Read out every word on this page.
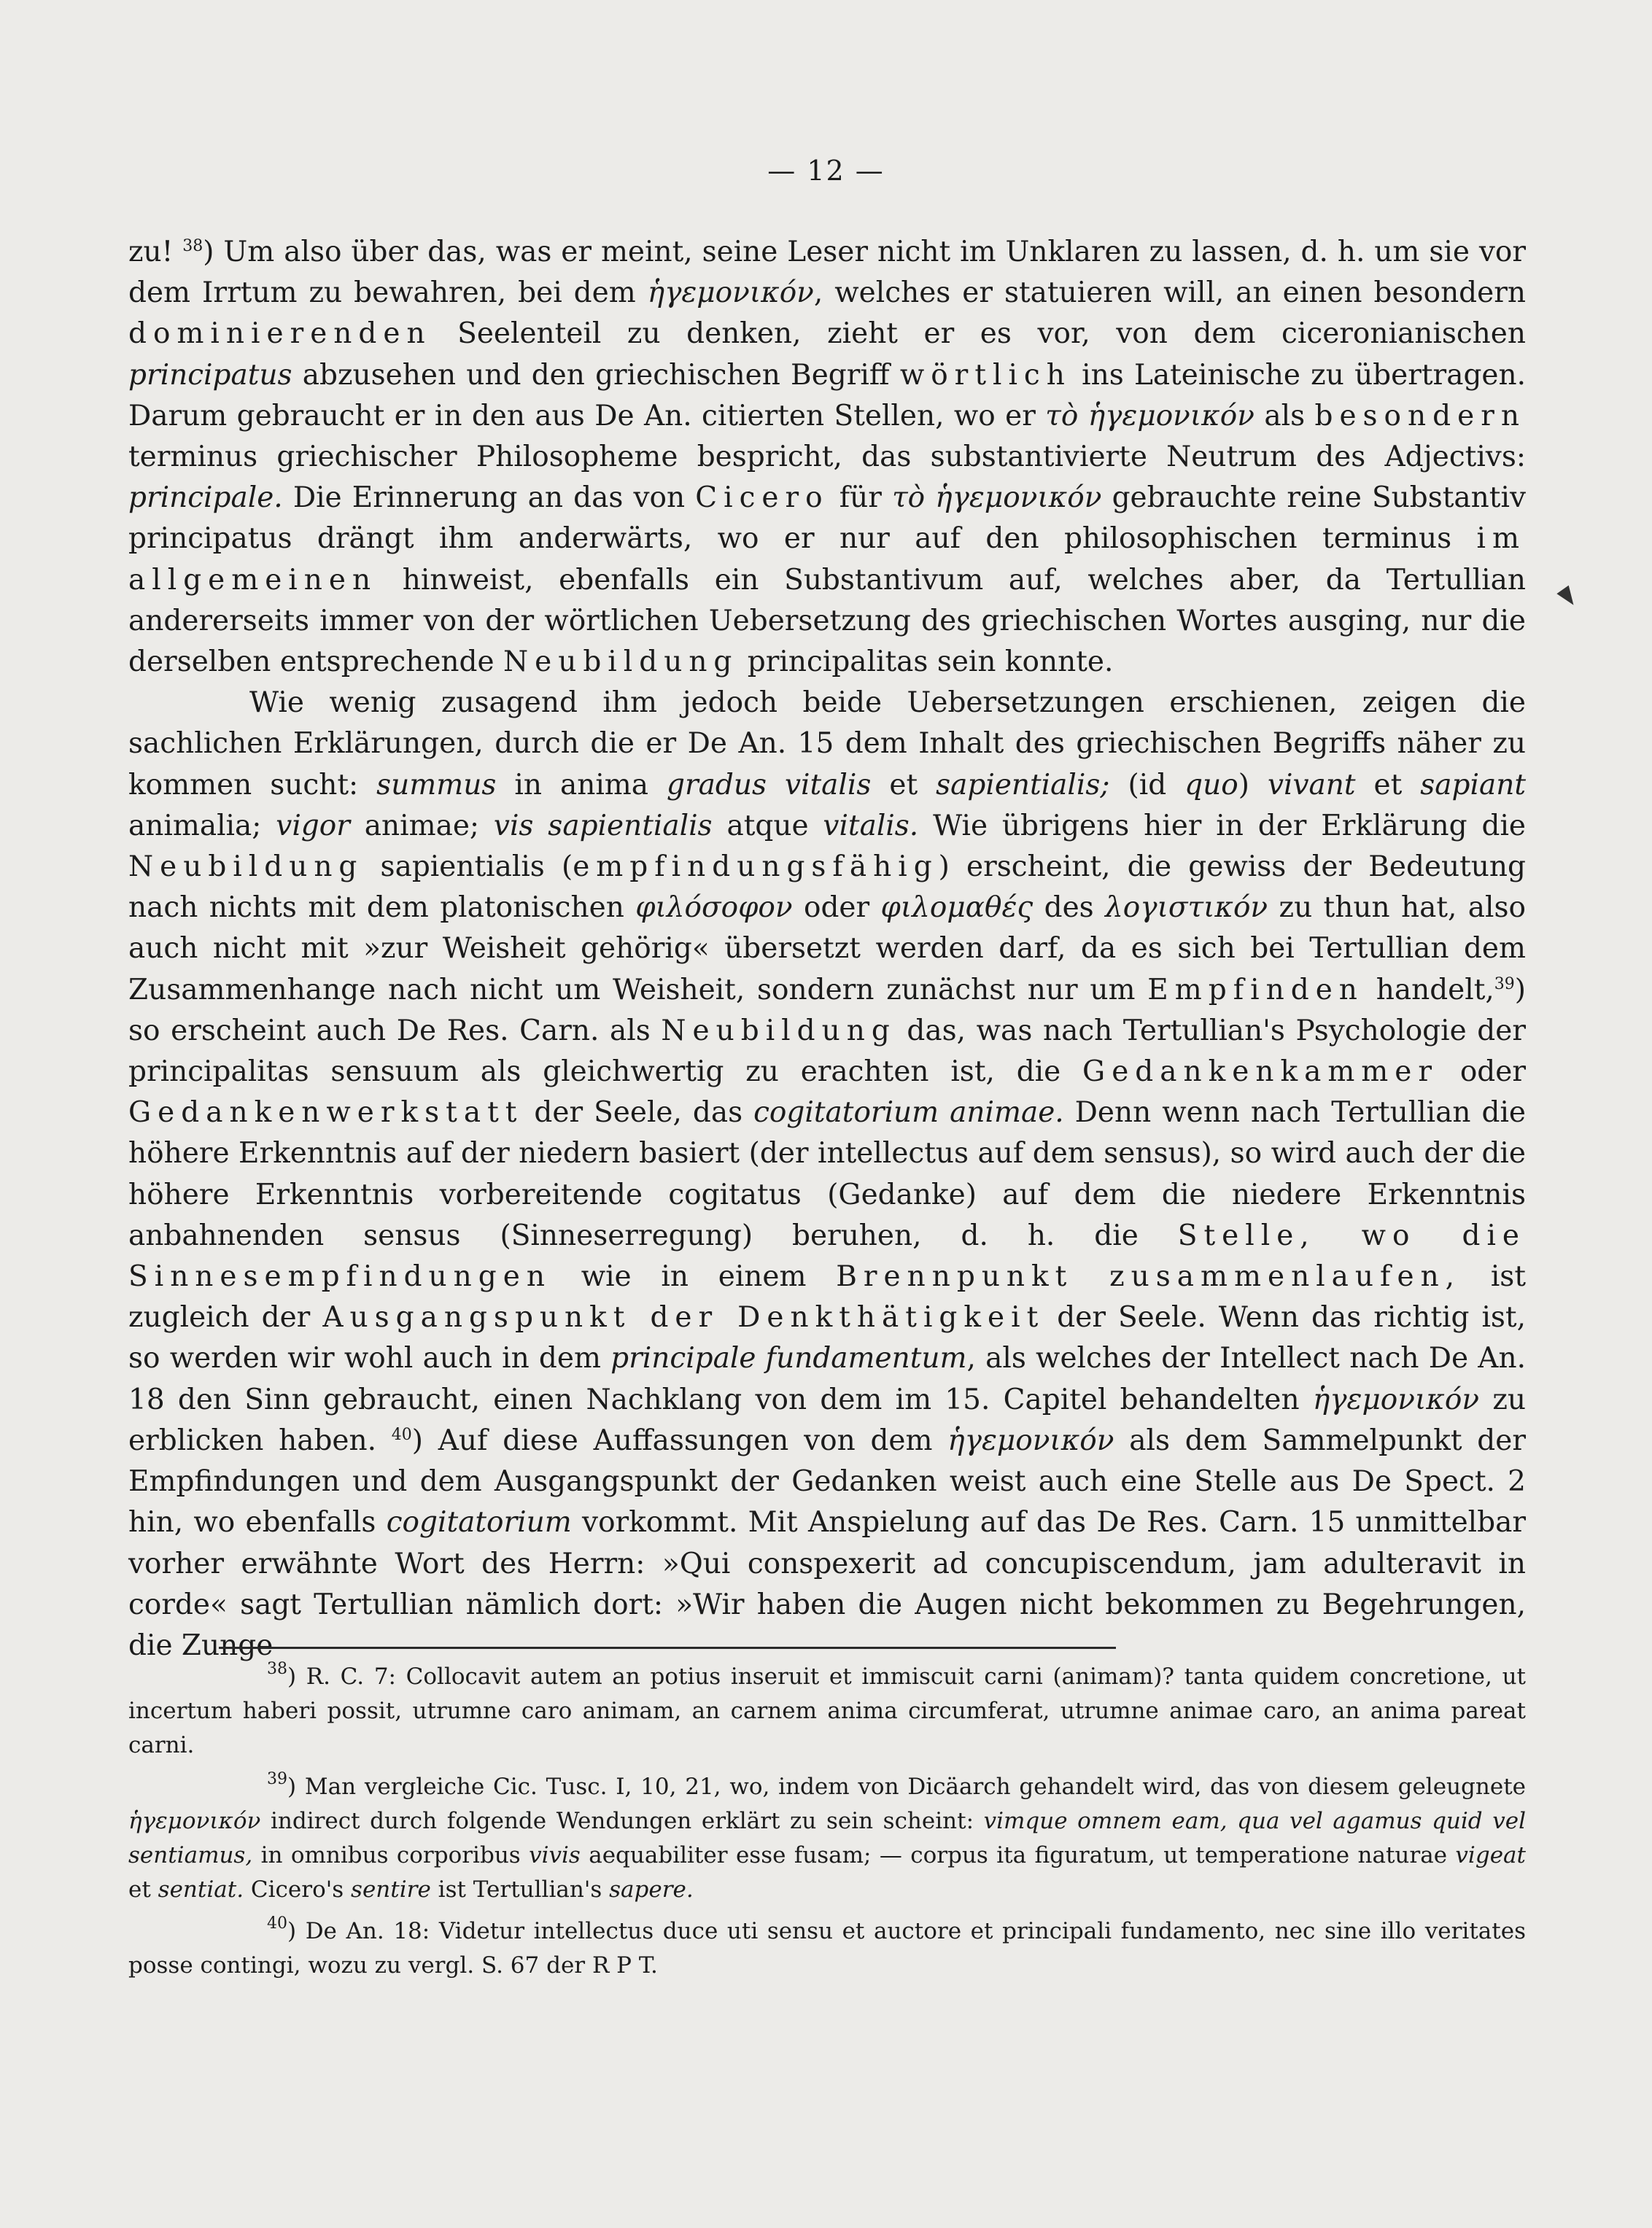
— 12 —

zu! $^{38}$) Um also über das, was er meint, seine Leser nicht im Unklaren zu lassen, d. h. um sie vor dem Irrtum zu bewahren, bei dem ἡγεμονικόν, welches er statuieren will, an einen besondern dominierenden Seelenteil zu denken, zieht er es vor, von dem ciceronianischen principatus abzusehen und den griechischen Begriff wörtlich ins Lateinische zu übertragen. Darum gebraucht er in den aus De An. citierten Stellen, wo er τὸ ἡγεμονικόν als besondern terminus griechischer Philosopheme bespricht, das substantivierte Neutrum des Adjectivs: principale. Die Erinnerung an das von Cicero für τὸ ἡγεμονικόν gebrauchte reine Substantiv principatus drängt ihm anderwärts, wo er nur auf den philosophischen terminus im allgemeinen hinweist, ebenfalls ein Substantivum auf, welches aber, da Tertullian andererseits immer von der wörtlichen Uebersetzung des griechischen Wortes ausging, nur die derselben entsprechende Neubildung principalitas sein konnte.

Wie wenig zusagend ihm jedoch beide Uebersetzungen erschienen, zeigen die sachlichen Erklärungen, durch die er De An. 15 dem Inhalt des griechischen Begriffs näher zu kommen sucht: summus in anima gradus vitalis et sapientialis; (id quo) vivant et sapiant animalia; vigor animae; vis sapientialis atque vitalis. Wie übrigens hier in der Erklärung die Neubildung sapientialis (empfindungsfähig) erscheint, die gewiss der Bedeutung nach nichts mit dem platonischen φιλόσοφον oder φιλομαθές des λογιστικόν zu thun hat, also auch nicht mit »zur Weisheit gehörig« übersetzt werden darf, da es sich bei Tertullian dem Zusammenhange nach nicht um Weisheit, sondern zunächst nur um Empfinden handelt,$^{39}$) so erscheint auch De Res. Carn. als Neubildung das, was nach Tertullian's Psychologie der principalitas sensuum als gleichwertig zu erachten ist, die Gedankenkammer oder Gedankenwerkstatt der Seele, das cogitatorium animae. Denn wenn nach Tertullian die höhere Erkenntnis auf der niedern basiert (der intellectus auf dem sensus), so wird auch der die höhere Erkenntnis vorbereitende cogitatus (Gedanke) auf dem die niedere Erkenntnis anbahnenden sensus (Sinneserregung) beruhen, d. h. die Stelle, wo die Sinnesempfindungen wie in einem Brennpunkt zusammenlaufen, ist zugleich der Ausgangspunkt der Denkthätigkeit der Seele. Wenn das richtig ist, so werden wir wohl auch in dem principale fundamentum, als welches der Intellect nach De An. 18 den Sinn gebraucht, einen Nachklang von dem im 15. Capitel behandelten ἡγεμονικόν zu erblicken haben. $^{40}$) Auf diese Auffassungen von dem ἡγεμονικόν als dem Sammelpunkt der Empfindungen und dem Ausgangspunkt der Gedanken weist auch eine Stelle aus De Spect. 2 hin, wo ebenfalls cogitatorium vorkommt. Mit Anspielung auf das De Res. Carn. 15 unmittelbar vorher erwähnte Wort des Herrn: »Qui conspexerit ad concupiscendum, jam adulteravit in corde« sagt Tertullian nämlich dort: »Wir haben die Augen nicht bekommen zu Begehrungen, die Zunge

$^{38}$) R. C. 7: Collocavit autem an potius inseruit et immiscuit carni (animam)? tanta quidem concretione, ut incertum haberi possit, utrumne caro animam, an carnem anima circumferat, utrumne animae caro, an anima pareat carni.

$^{39}$) Man vergleiche Cic. Tusc. I, 10, 21, wo, indem von Dicäarch gehandelt wird, das von diesem geleugnete ἡγεμονικόν indirect durch folgende Wendungen erklärt zu sein scheint: vimque omnem eam, qua vel agamus quid vel sentiamus, in omnibus corporibus vivis aequabiliter esse fusam; — corpus ita figuratum, ut temperatione naturae vigeat et sentiat. Cicero's sentire ist Tertullian's sapere.

$^{40}$) De An. 18: Videtur intellectus duce uti sensu et auctore et principali fundamento, nec sine illo veritates posse contingi, wozu zu vergl. S. 67 der R P T.
